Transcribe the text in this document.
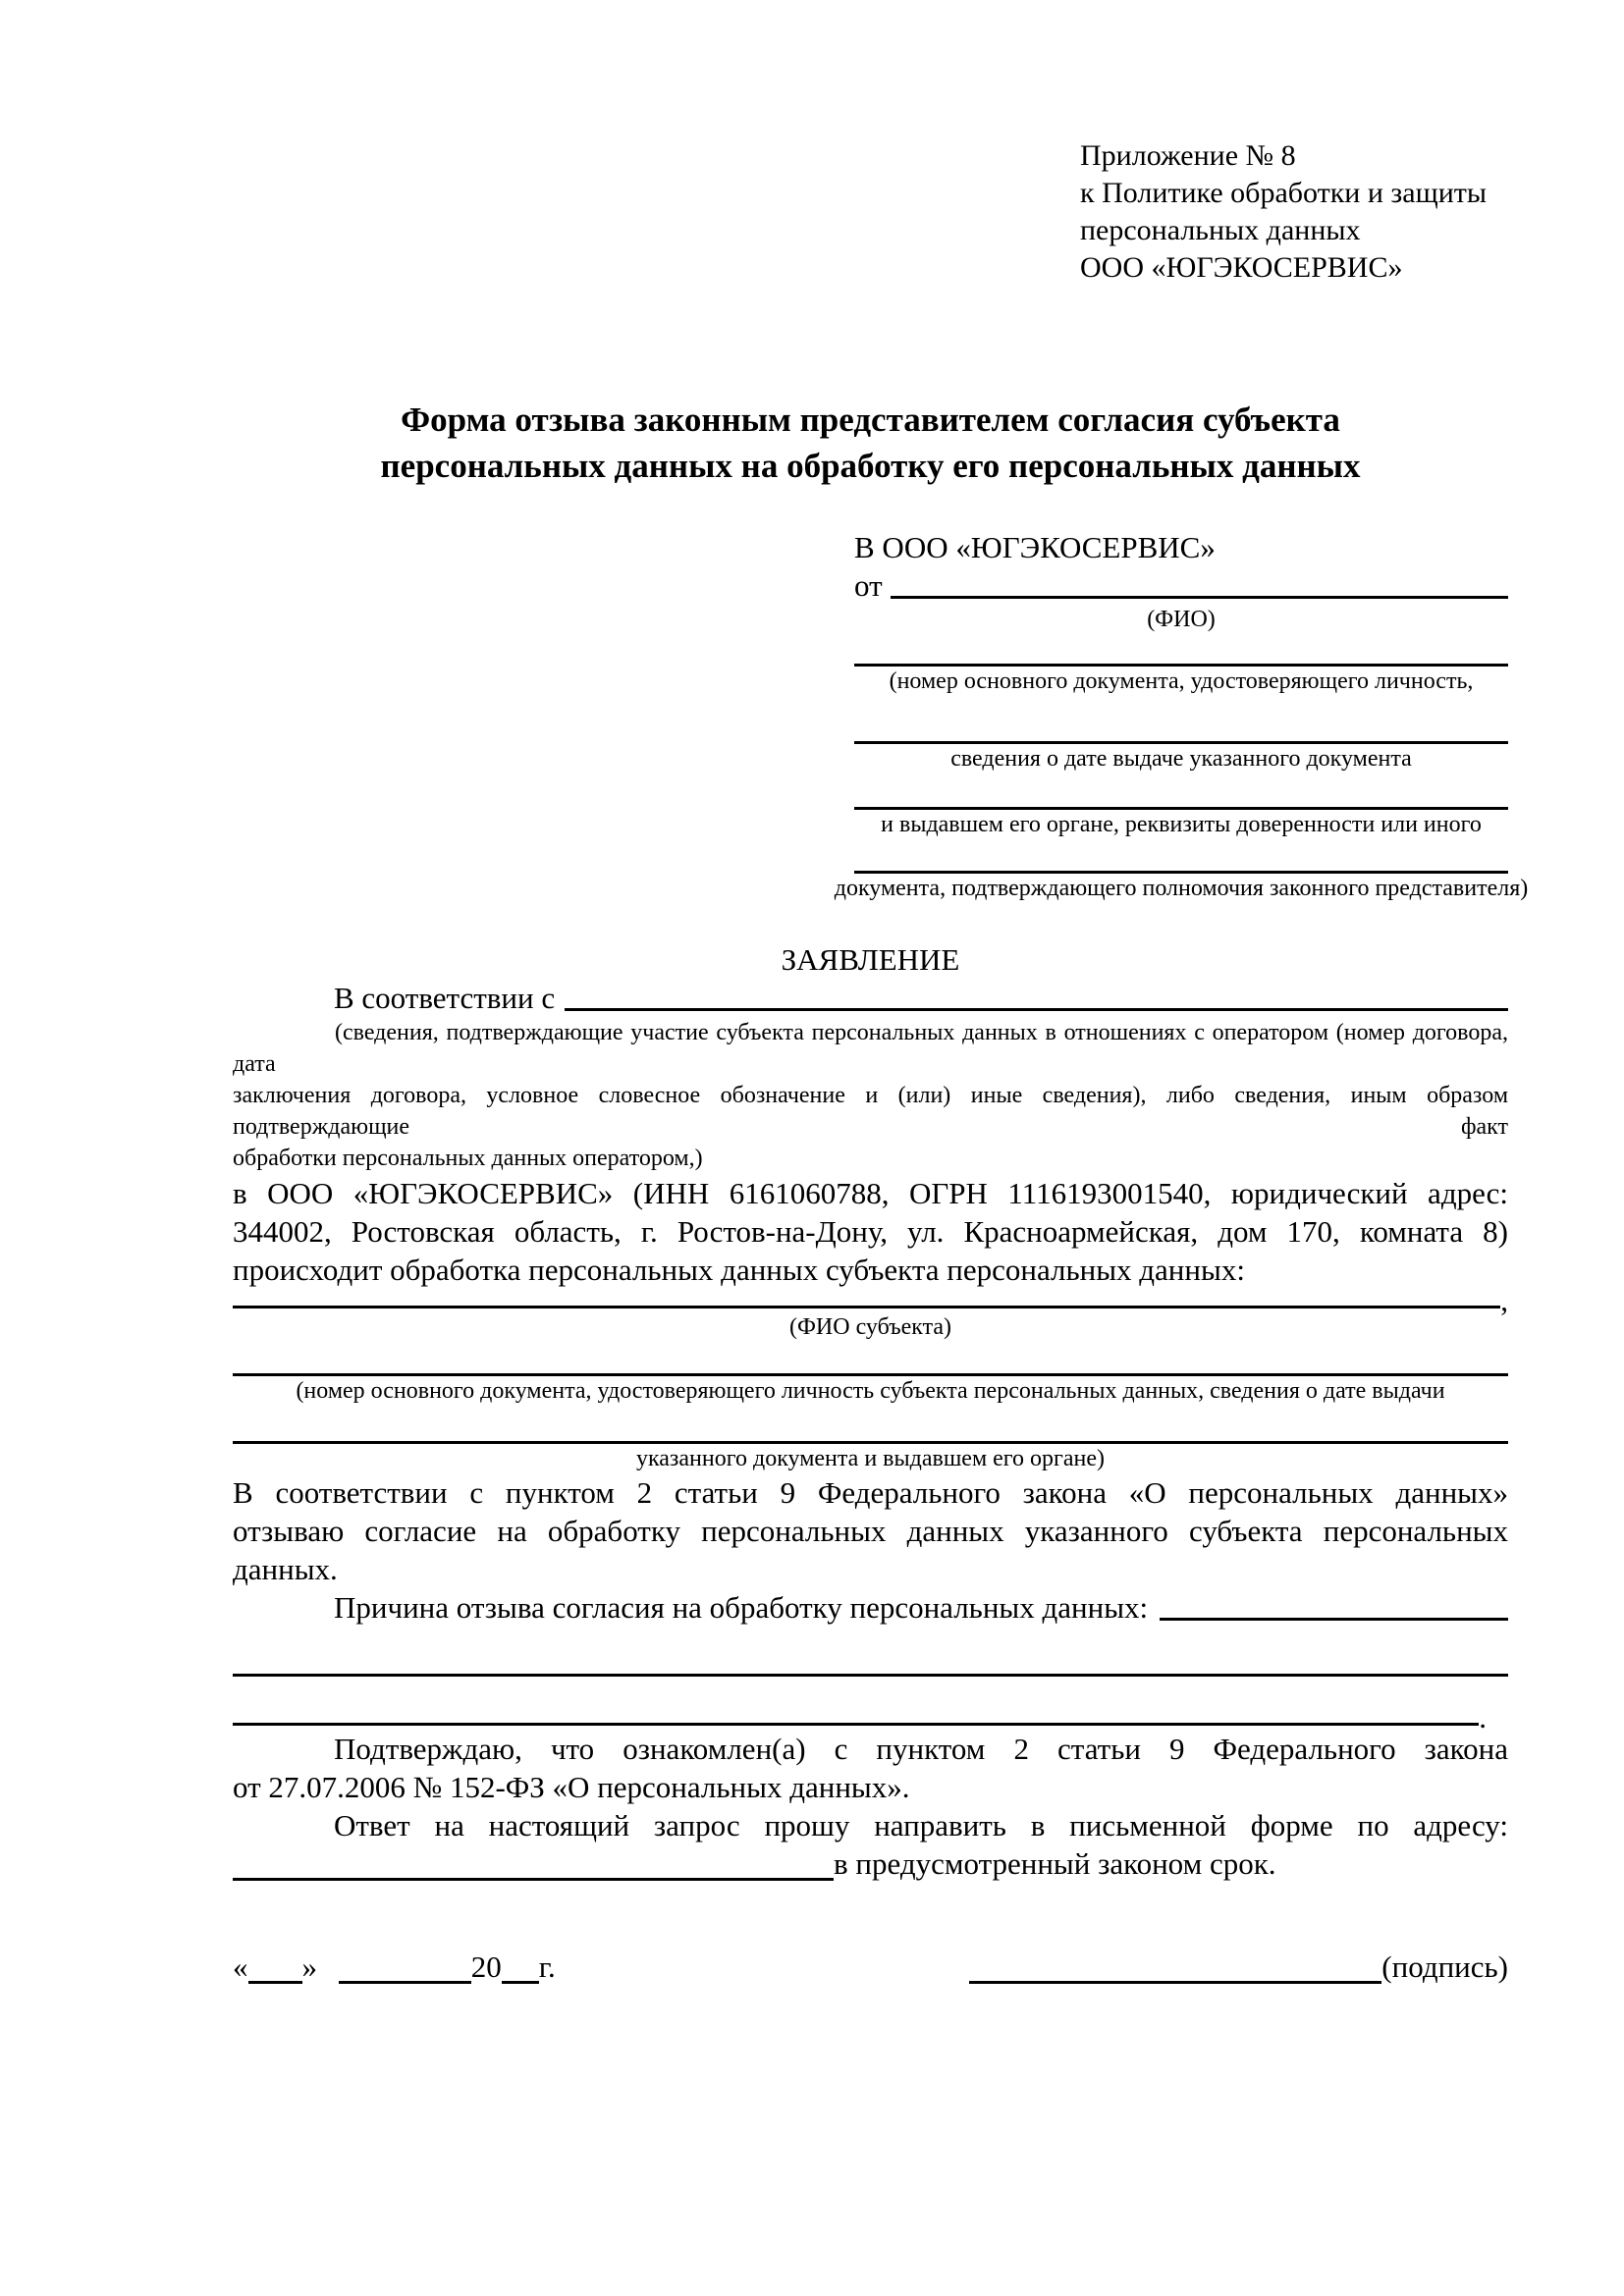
Приложение № 8
к Политике обработки и защиты
персональных данных
ООО «ЮГЭКОСЕРВИС»
Форма отзыва законным представителем согласия субъекта
персональных данных на обработку его персональных данных
В ООО «ЮГЭКОСЕРВИС»
от
(ФИО)
(номер основного документа, удостоверяющего личность,
сведения о дате выдаче указанного документа
и выдавшем его органе, реквизиты доверенности или иного
документа, подтверждающего полномочия законного представителя)
ЗАЯВЛЕНИЕ
В соответствии с
(сведения, подтверждающие участие субъекта персональных данных в отношениях с оператором (номер договора, дата
заключения договора, условное словесное обозначение и (или) иные сведения), либо сведения, иным образом подтверждающие факт
обработки персональных данных оператором,)
в ООО «ЮГЭКОСЕРВИС» (ИНН 6161060788, ОГРН 1116193001540, юридический адрес:
344002, Ростовская область, г. Ростов-на-Дону, ул. Красноармейская, дом 170, комната 8)
происходит обработка персональных данных субъекта персональных данных:
,
(ФИО субъекта)
(номер основного документа, удостоверяющего личность субъекта персональных данных, сведения о дате выдачи
указанного документа и выдавшем его органе)
В соответствии с пунктом 2 статьи 9 Федерального закона «О персональных данных»
отзываю согласие на обработку персональных данных указанного субъекта персональных
данных.
Причина отзыва согласия на обработку персональных данных:
.
Подтверждаю, что ознакомлен(а) с пунктом 2 статьи 9 Федерального закона
от 27.07.2006 № 152-ФЗ «О персональных данных».
Ответ на настоящий запрос прошу направить в письменной форме по адресу:
в предусмотренный законом срок.
« »	20 г.	(подпись)
